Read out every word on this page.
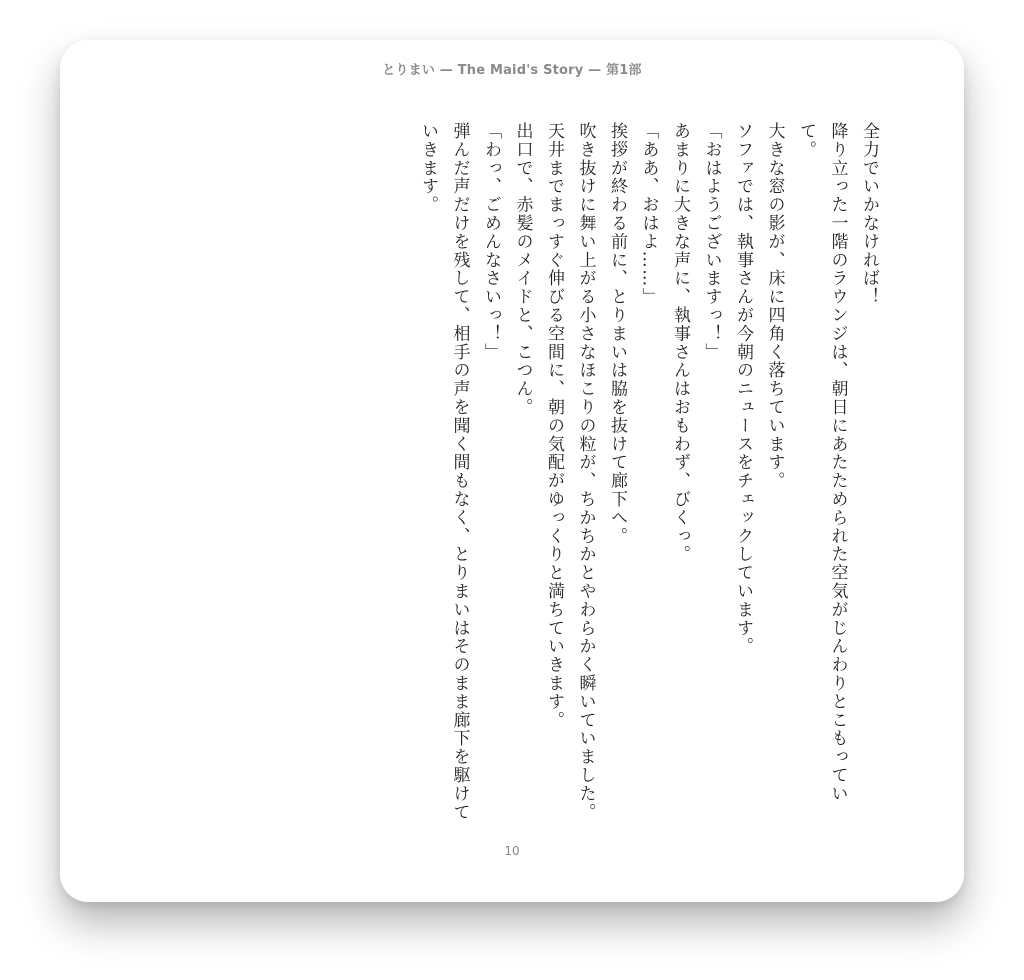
とりまい — The Maid's Story — 第1部

全力でいかなければ！

降り立った一階のラウンジは、朝日にあたためられた空気がじんわりとこもっていて。

大きな窓の影が、床に四角く落ちています。

ソファでは、執事さんが今朝のニュースをチェックしています。

「おはようございますっ！」

あまりに大きな声に、執事さんはおもわず、びくっ。

「ああ、おはよ……」

挨拶が終わる前に、とりまいは脇を抜けて廊下へ。

吹き抜けに舞い上がる小さなほこりの粒が、ちかちかとやわらかく瞬いていました。

天井までまっすぐ伸びる空間に、朝の気配がゆっくりと満ちていきます。

出口で、赤髪のメイドと、こつん。

「わっ、ごめんなさいっ！」

弾んだ声だけを残して、相手の声を聞く間もなく、とりまいはそのまま廊下を駆けていきます。

10
